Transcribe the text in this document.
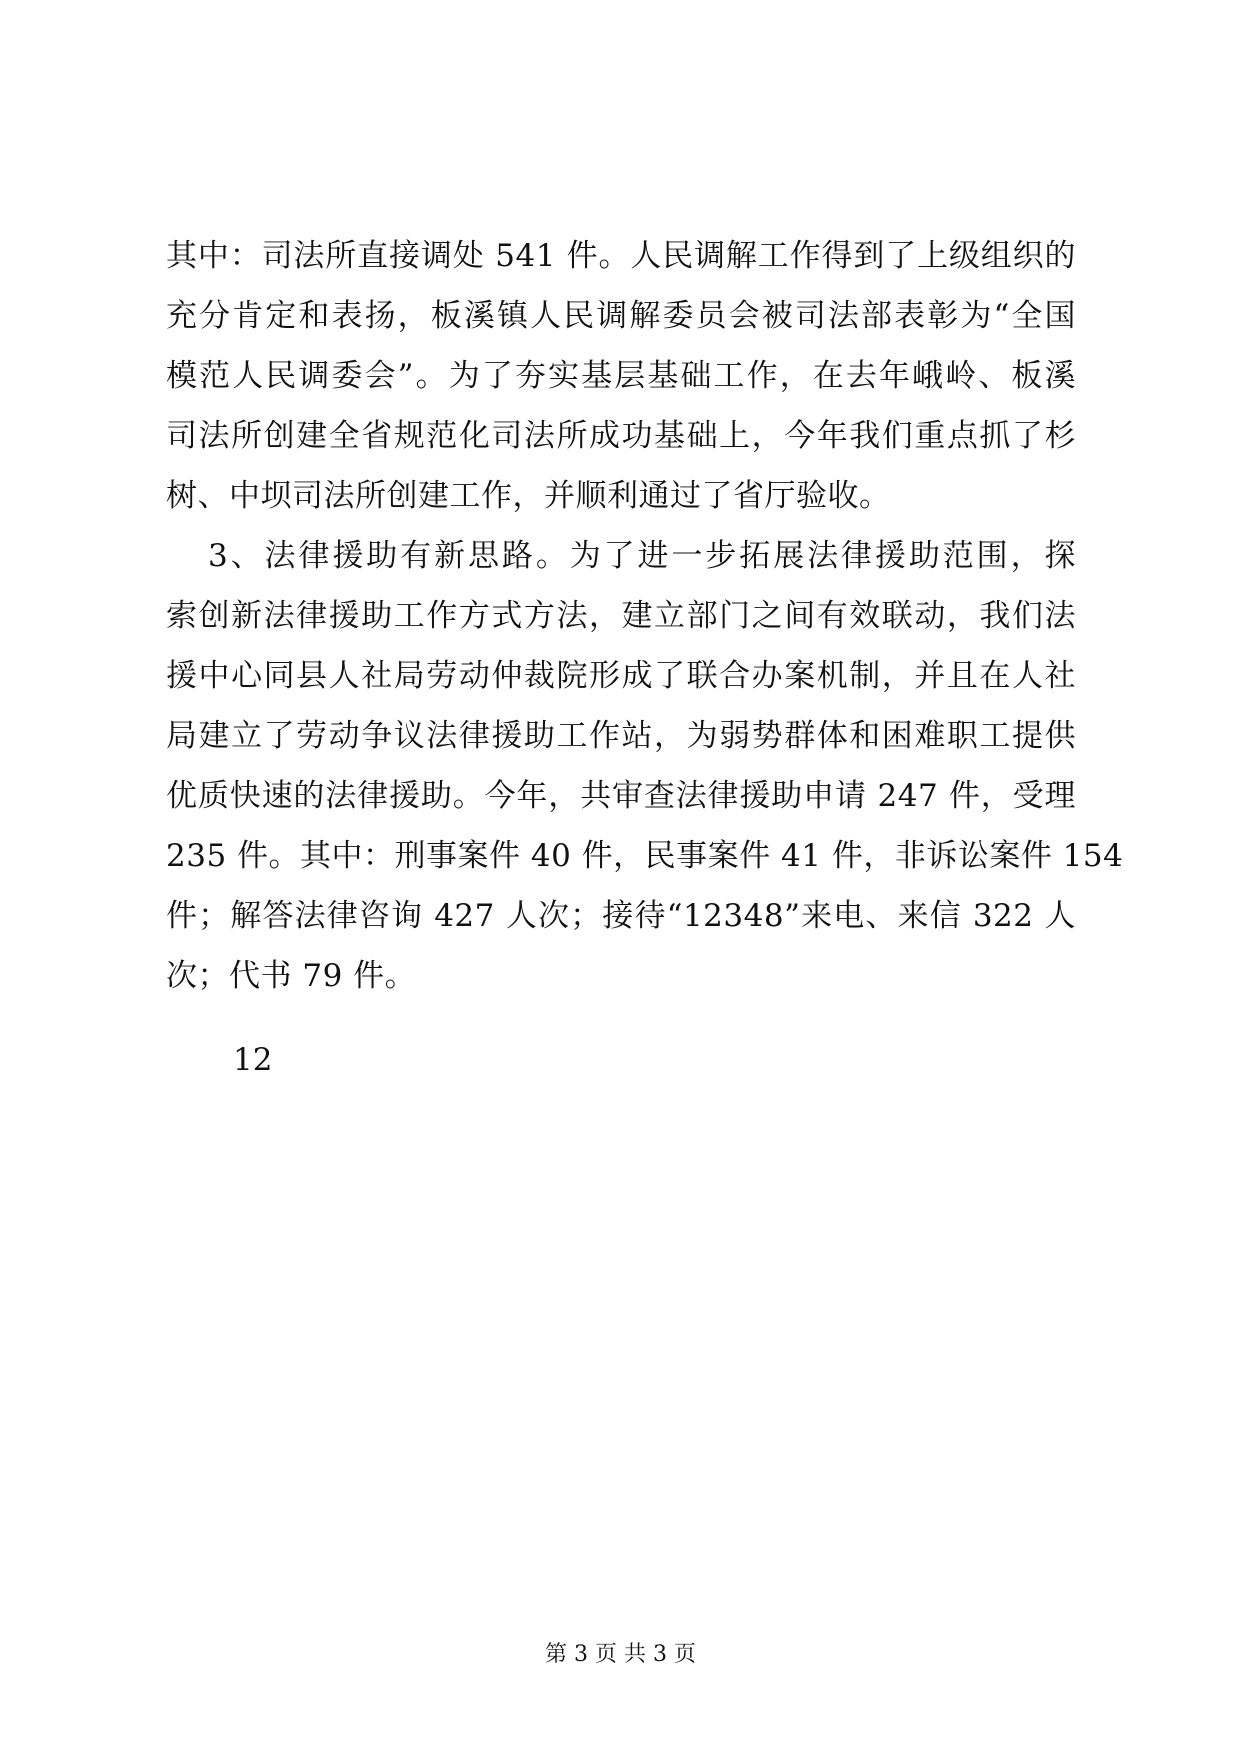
其中：司法所直接调处 541 件。人民调解工作得到了上级组织的
充分肯定和表扬，板溪镇人民调解委员会被司法部表彰为“全国
模范人民调委会”。为了夯实基层基础工作，在去年峨岭、板溪
司法所创建全省规范化司法所成功基础上，今年我们重点抓了杉
树、中坝司法所创建工作，并顺利通过了省厅验收。
3、法律援助有新思路。为了进一步拓展法律援助范围，探
索创新法律援助工作方式方法，建立部门之间有效联动，我们法
援中心同县人社局劳动仲裁院形成了联合办案机制，并且在人社
局建立了劳动争议法律援助工作站，为弱势群体和困难职工提供
优质快速的法律援助。今年，共审查法律援助申请 247 件，受理
235 件。其中：刑事案件 40 件，民事案件 41 件，非诉讼案件 154
件；解答法律咨询 427 人次；接待“12348”来电、来信 322 人
次；代书 79 件。
12
第 3 页 共 3 页
